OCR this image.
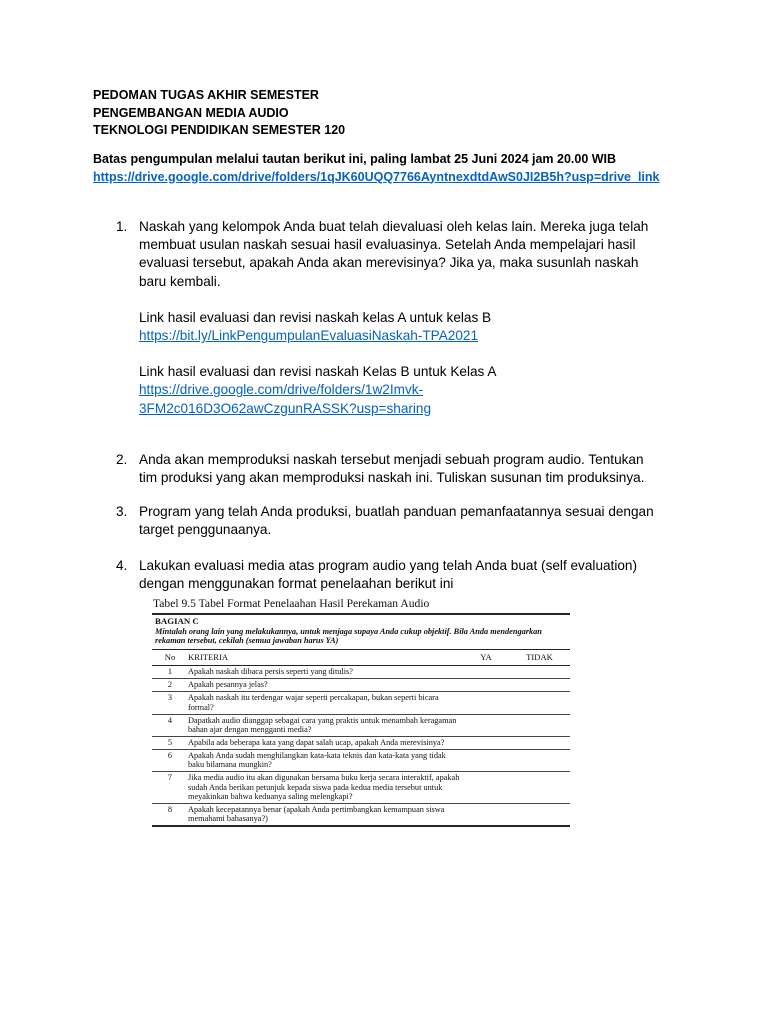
PEDOMAN TUGAS AKHIR SEMESTER
PENGEMBANGAN MEDIA AUDIO
TEKNOLOGI PENDIDIKAN SEMESTER 120
Batas pengumpulan melalui tautan berikut ini, paling lambat 25 Juni 2024 jam 20.00 WIB
https://drive.google.com/drive/folders/1qJK60UQQ7766AyntnexdtdAwS0JI2B5h?usp=drive_link
1. Naskah yang kelompok Anda buat telah dievaluasi oleh kelas lain. Mereka juga telah

membuat usulan naskah sesuai hasil evaluasinya. Setelah Anda mempelajari hasil

evaluasi tersebut, apakah Anda akan merevisinya? Jika ya, maka susunlah naskah

baru kembali.

Link hasil evaluasi dan revisi naskah kelas A untuk kelas B

https://bit.ly/LinkPengumpulanEvaluasiNaskah-TPA2021

Link hasil evaluasi dan revisi naskah Kelas B untuk Kelas A

https://drive.google.com/drive/folders/1w2Imvk-

3FM2c016D3O62awCzgunRASSK?usp=sharing

2. Anda akan memproduksi naskah tersebut menjadi sebuah program audio. Tentukan

tim produksi yang akan memproduksi naskah ini. Tuliskan susunan tim produksinya.

3. Program yang telah Anda produksi, buatlah panduan pemanfaatannya sesuai dengan

target penggunaanya.

4. Lakukan evaluasi media atas program audio yang telah Anda buat (self evaluation)

dengan menggunakan format penelaahan berikut ini

Tabel 9.5 Tabel Format Penelaahan Hasil Perekaman Audio
BAGIAN C
Mintalah orang lain yang melakukannya, untuk menjaga supaya Anda cukup objektif. Bila Anda mendengarkan rekaman tersebut, cekilah (semua jawaban harus YA)			

No	KRITERIA	YA	TIDAK
1	Apakah naskah dibaca persis seperti yang ditulis?		
2	Apakah pesannya jelas?		
3	Apakah naskah itu terdengar wajar seperti percakapan, bukan seperti bicara formal?		
4	Dapatkah audio dianggap sebagai cara yang praktis untuk menambah keragaman bahan ajar dengan mengganti media?		
5	Apabila ada beberapa kata yang dapat salah ucap, apakah Anda merevisinya?		
6	Apakah Anda sudah menghilangkan kata-kata teknis dan kata-kata yang tidak baku bilamana mungkin?		
7	Jika media audio itu akan digunakan bersama buku kerja secara interaktif, apakah sudah Anda berikan petunjuk kepada siswa pada kedua media tersebut untuk meyakinkan bahwa keduanya saling melengkapi?		
8	Apakah kecepatannya benar (apakah Anda pertimbangkan kemampuan siswa memahami bahasanya?)		
